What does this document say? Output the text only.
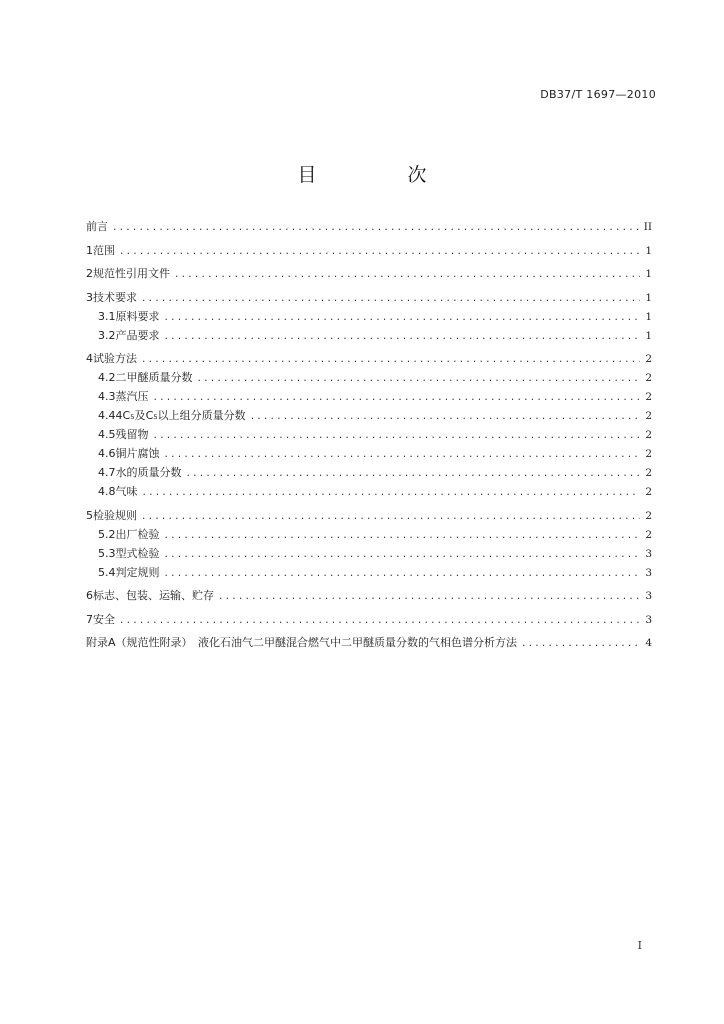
DB37/T 1697—2010
目　次
前言 .....	II
1 范围 .....	1
2 规范性引用文件 .....	1
3 技术要求 .....	1
3.1 原料要求 .....	1
3.2 产品要求 .....	1
4 试验方法 .....	2
4.2 二甲醚质量分数 .....	2
4.3 蒸汽压 .....	2
4.4 4C₅及C₅以上组分质量分数 .....	2
4.5 残留物 .....	2
4.6 铜片腐蚀 .....	2
4.7 水的质量分数 .....	2
4.8 气味 .....	2
5 检验规则 .....	2
5.2 出厂检验 .....	2
5.3 型式检验 .....	3
5.4 判定规则 .....	3
6 标志、包装、运输、贮存 .....	3
7 安全 .....	3
附录A（规范性附录）　液化石油气二甲醚混合燃气中二甲醚质量分数的气相色谱分析方法 .....	4
I
